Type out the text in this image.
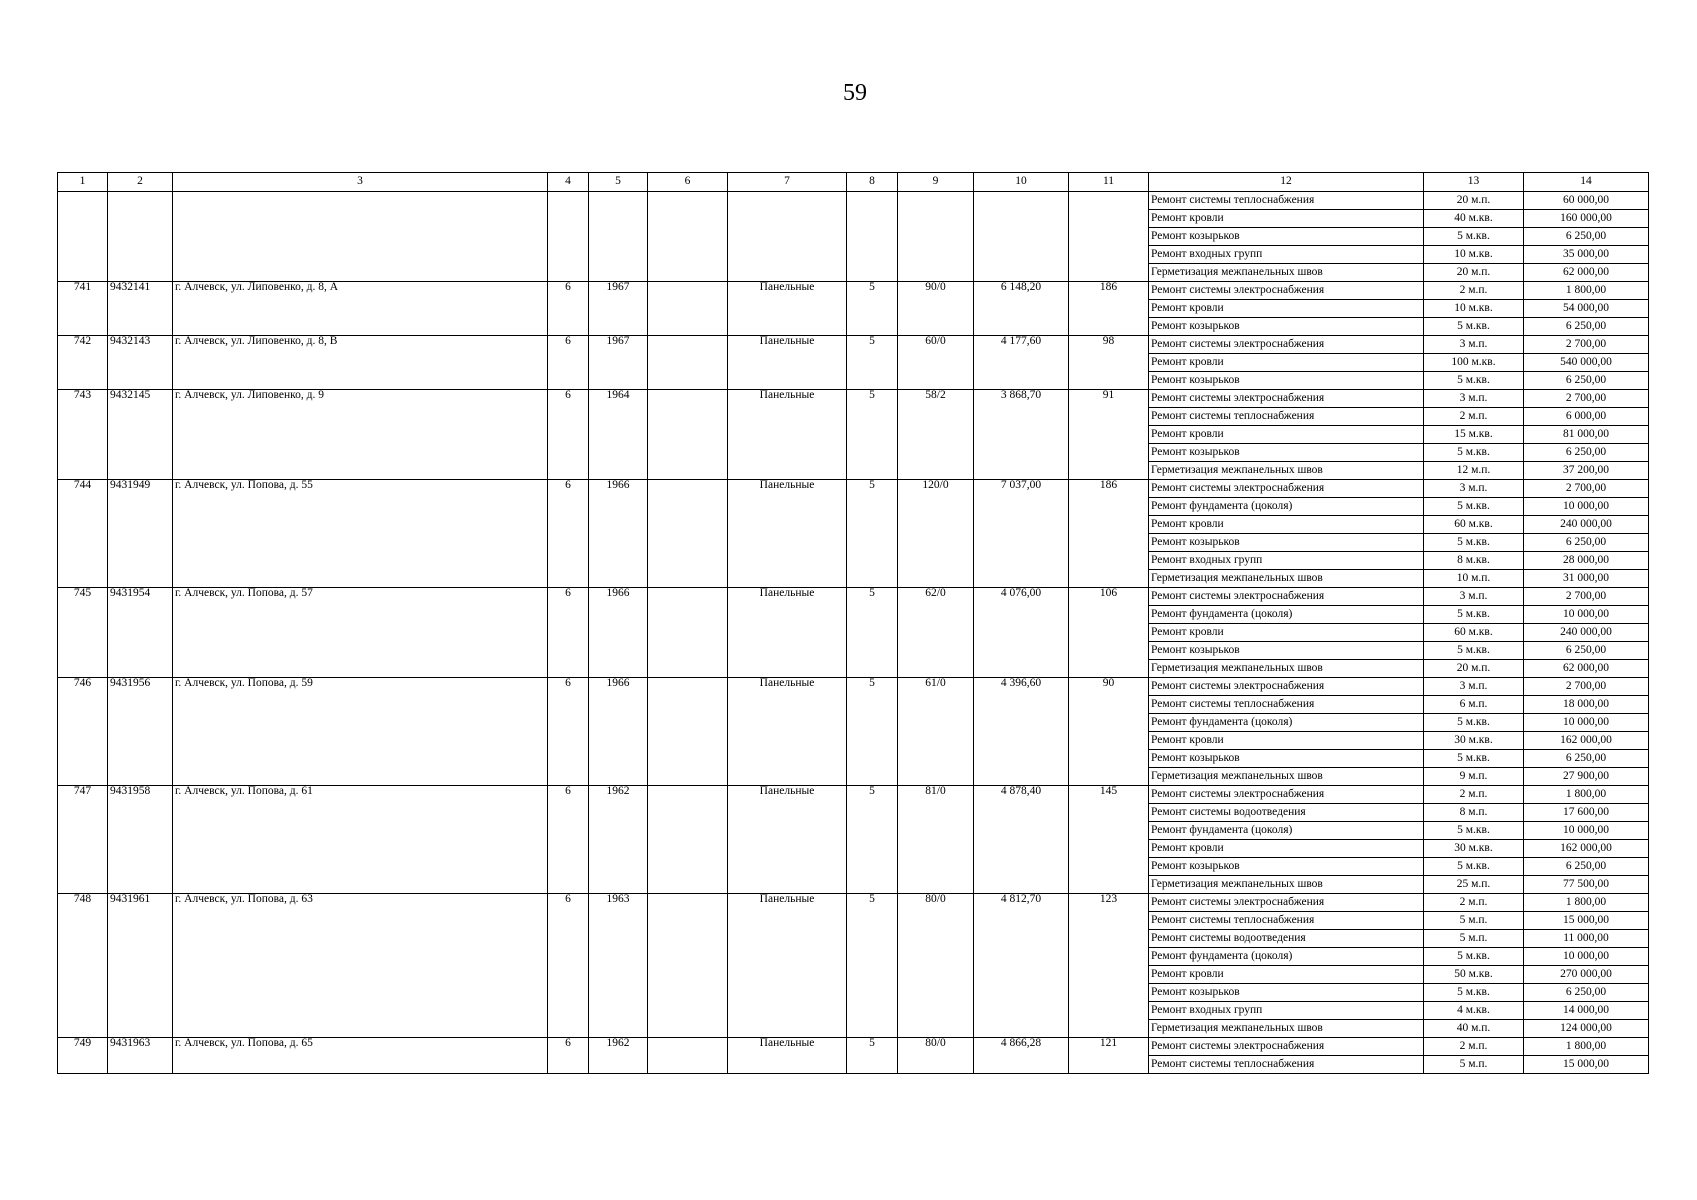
59
1	2	3	4	5	6	7	8	9	10	11	12	13	14
											Ремонт системы теплоснабжения	20 м.п.	60 000,00
											Ремонт кровли	40 м.кв.	160 000,00
											Ремонт козырьков	5 м.кв.	6 250,00
											Ремонт входных групп	10 м.кв.	35 000,00
											Герметизация межпанельных швов	20 м.п.	62 000,00
741	9432141	г. Алчевск, ул. Липовенко, д. 8, А	6	1967		Панельные	5	90/0	6 148,20	186	Ремонт системы электроснабжения	2 м.п.	1 800,00
											Ремонт кровли	10 м.кв.	54 000,00
											Ремонт козырьков	5 м.кв.	6 250,00
742	9432143	г. Алчевск, ул. Липовенко, д. 8, В	6	1967		Панельные	5	60/0	4 177,60	98	Ремонт системы электроснабжения	3 м.п.	2 700,00
											Ремонт кровли	100 м.кв.	540 000,00
											Ремонт козырьков	5 м.кв.	6 250,00
743	9432145	г. Алчевск, ул. Липовенко, д. 9	6	1964		Панельные	5	58/2	3 868,70	91	Ремонт системы электроснабжения	3 м.п.	2 700,00
											Ремонт системы теплоснабжения	2 м.п.	6 000,00
											Ремонт кровли	15 м.кв.	81 000,00
											Ремонт козырьков	5 м.кв.	6 250,00
											Герметизация межпанельных швов	12 м.п.	37 200,00
744	9431949	г. Алчевск, ул. Попова, д. 55	6	1966		Панельные	5	120/0	7 037,00	186	Ремонт системы электроснабжения	3 м.п.	2 700,00
											Ремонт фундамента (цоколя)	5 м.кв.	10 000,00
											Ремонт кровли	60 м.кв.	240 000,00
											Ремонт козырьков	5 м.кв.	6 250,00
											Ремонт входных групп	8 м.кв.	28 000,00
											Герметизация межпанельных швов	10 м.п.	31 000,00
745	9431954	г. Алчевск, ул. Попова, д. 57	6	1966		Панельные	5	62/0	4 076,00	106	Ремонт системы электроснабжения	3 м.п.	2 700,00
											Ремонт фундамента (цоколя)	5 м.кв.	10 000,00
											Ремонт кровли	60 м.кв.	240 000,00
											Ремонт козырьков	5 м.кв.	6 250,00
											Герметизация межпанельных швов	20 м.п.	62 000,00
746	9431956	г. Алчевск, ул. Попова, д. 59	6	1966		Панельные	5	61/0	4 396,60	90	Ремонт системы электроснабжения	3 м.п.	2 700,00
											Ремонт системы теплоснабжения	6 м.п.	18 000,00
											Ремонт фундамента (цоколя)	5 м.кв.	10 000,00
											Ремонт кровли	30 м.кв.	162 000,00
											Ремонт козырьков	5 м.кв.	6 250,00
											Герметизация межпанельных швов	9 м.п.	27 900,00
747	9431958	г. Алчевск, ул. Попова, д. 61	6	1962		Панельные	5	81/0	4 878,40	145	Ремонт системы электроснабжения	2 м.п.	1 800,00
											Ремонт системы водоотведения	8 м.п.	17 600,00
											Ремонт фундамента (цоколя)	5 м.кв.	10 000,00
											Ремонт кровли	30 м.кв.	162 000,00
											Ремонт козырьков	5 м.кв.	6 250,00
											Герметизация межпанельных швов	25 м.п.	77 500,00
748	9431961	г. Алчевск, ул. Попова, д. 63	6	1963		Панельные	5	80/0	4 812,70	123	Ремонт системы электроснабжения	2 м.п.	1 800,00
											Ремонт системы теплоснабжения	5 м.п.	15 000,00
											Ремонт системы водоотведения	5 м.п.	11 000,00
											Ремонт фундамента (цоколя)	5 м.кв.	10 000,00
											Ремонт кровли	50 м.кв.	270 000,00
											Ремонт козырьков	5 м.кв.	6 250,00
											Ремонт входных групп	4 м.кв.	14 000,00
											Герметизация межпанельных швов	40 м.п.	124 000,00
749	9431963	г. Алчевск, ул. Попова, д. 65	6	1962		Панельные	5	80/0	4 866,28	121	Ремонт системы электроснабжения	2 м.п.	1 800,00
											Ремонт системы теплоснабжения	5 м.п.	15 000,00
